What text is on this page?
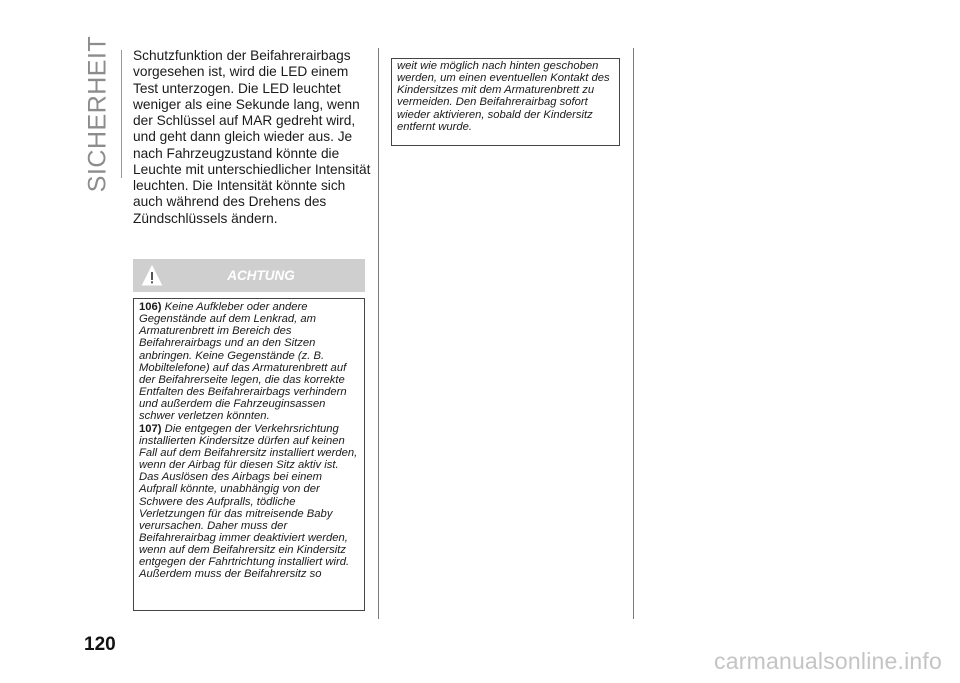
SICHERHEIT
120
Schutzfunktion der Beifahrerairbags vorgesehen ist, wird die LED einem Test unterzogen. Die LED leuchtet weniger als eine Sekunde lang, wenn der Schlüssel auf MAR gedreht wird, und geht dann gleich wieder aus. Je nach Fahrzeugzustand könnte die Leuchte mit unterschiedlicher Intensität leuchten. Die Intensität könnte sich auch während des Drehens des Zündschlüssels ändern.
ACHTUNG

106) Keine Aufkleber oder andere Gegenstände auf dem Lenkrad, am Armaturenbrett im Bereich des Beifahrerairbags und an den Sitzen anbringen. Keine Gegenstände (z. B. Mobiltelefone) auf das Armaturenbrett auf der Beifahrerseite legen, die das korrekte Entfalten des Beifahrerairbags verhindern und außerdem die Fahrzeuginsassen schwer verletzen könnten.

107) Die entgegen der Verkehrsrichtung installierten Kindersitze dürfen auf keinen Fall auf dem Beifahrersitz installiert werden, wenn der Airbag für diesen Sitz aktiv ist. Das Auslösen des Airbags bei einem Aufprall könnte, unabhängig von der Schwere des Aufpralls, tödliche Verletzungen für das mitreisende Baby verursachen. Daher muss der Beifahrerairbag immer deaktiviert werden, wenn auf dem Beifahrersitz ein Kindersitz entgegen der Fahrtrichtung installiert wird. Außerdem muss der Beifahrersitz so

weit wie möglich nach hinten geschoben werden, um einen eventuellen Kontakt des Kindersitzes mit dem Armaturenbrett zu vermeiden. Den Beifahrerairbag sofort wieder aktivieren, sobald der Kindersitz entfernt wurde.

carmanualsonline.info
